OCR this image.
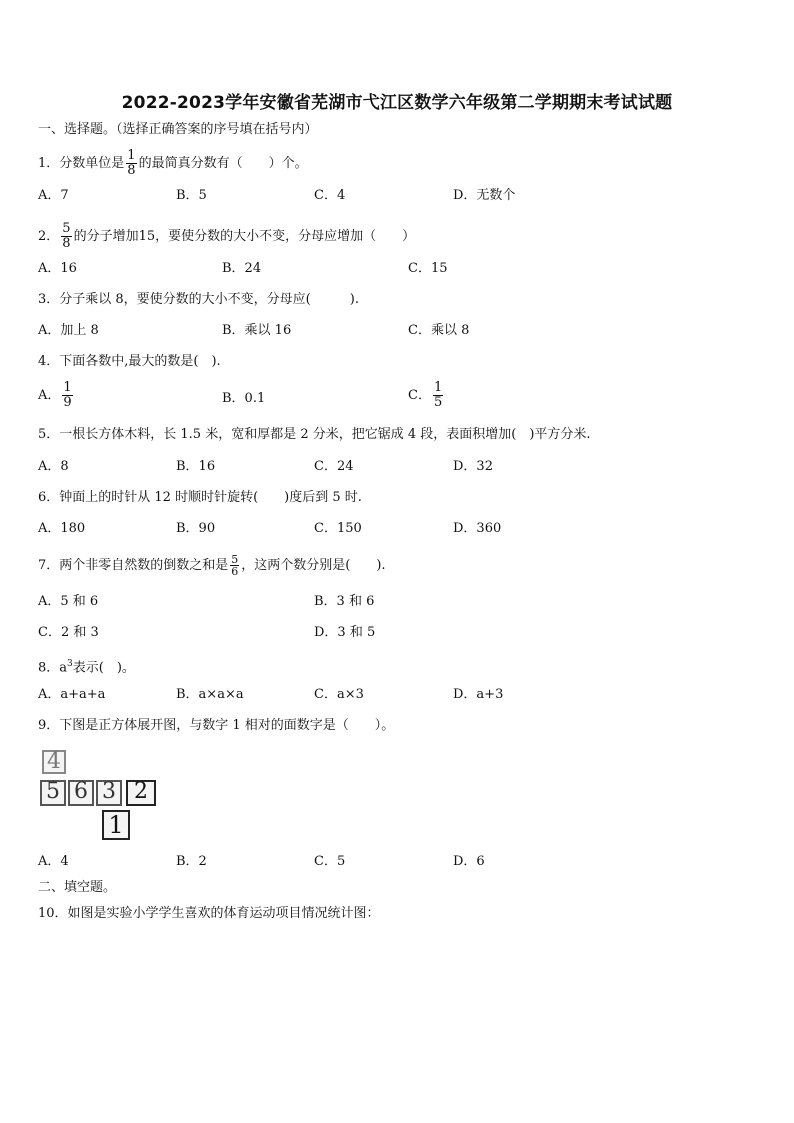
2022-2023学年安徽省芜湖市弋江区数学六年级第二学期期末考试试题
一、选择题。（选择正确答案的序号填在括号内）
1．分数单位是 $\frac{1}{8}$ 的最简真分数有（　　）个。
A．7	B．5	C．4	D．无数个
2． $\frac{5}{8}$ 的分子增加15，要使分数的大小不变，分母应增加（　　）
A．16	B．24	C．15
3．分子乘以 8，要使分数的大小不变，分母应(　　　).
A．加上 8	B．乘以 16	C．乘以 8
4．下面各数中,最大的数是(　).
A． $\frac{1}{9}$	B．0.1	C． $\frac{1}{5}$
5．一根长方体木料，长 1.5 米，宽和厚都是 2 分米，把它锯成 4 段，表面积增加(　)平方分米.
A．8	B．16	C．24	D．32
6．钟面上的时针从 12 时顺时针旋转(　　)度后到 5 时.
A．180	B．90	C．150	D．360
7．两个非零自然数的倒数之和是 $\frac{5}{6}$ ，这两个数分别是(　　).
A．5 和 6	B．3 和 6
C．2 和 3	D．3 和 5
8．$a^3$表示(　)。
A．a+a+a	B．a×a×a	C．a×3	D．a+3
9．下图是正方体展开图，与数字 1 相对的面数字是（　　）。
4
5 6 3 2
1
A．4	B．2	C．5	D．6
二、填空题。
10．如图是实验小学学生喜欢的体育运动项目情况统计图：
